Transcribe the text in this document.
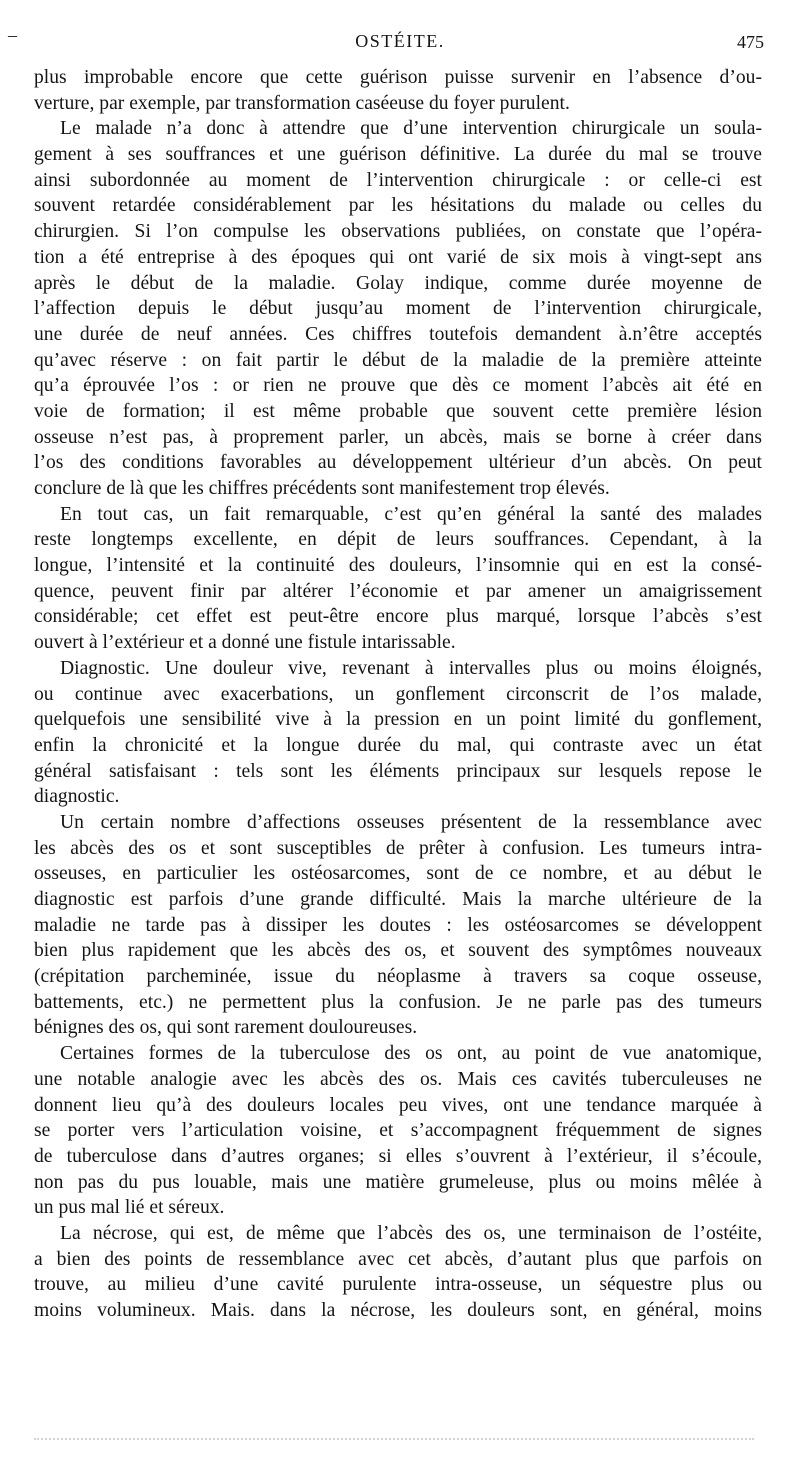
–	OSTÉITE.	475
plus improbable encore que cette guérison puisse survenir en l’absence d’ou-
verture, par exemple, par transformation caséeuse du foyer purulent.
Le malade n’a donc à attendre que d’une intervention chirurgicale un soula-
gement à ses souffrances et une guérison définitive. La durée du mal se trouve
ainsi subordonnée au moment de l’intervention chirurgicale : or celle-ci est
souvent retardée considérablement par les hésitations du malade ou celles du
chirurgien. Si l’on compulse les observations publiées, on constate que l’opéra-
tion a été entreprise à des époques qui ont varié de six mois à vingt-sept ans
après le début de la maladie. Golay indique, comme durée moyenne de
l’affection depuis le début jusqu’au moment de l’intervention chirurgicale,
une durée de neuf années. Ces chiffres toutefois demandent à.n’être acceptés
qu’avec réserve : on fait partir le début de la maladie de la première atteinte
qu’a éprouvée l’os : or rien ne prouve que dès ce moment l’abcès ait été en
voie de formation; il est même probable que souvent cette première lésion
osseuse n’est pas, à proprement parler, un abcès, mais se borne à créer dans
l’os des conditions favorables au développement ultérieur d’un abcès. On peut
conclure de là que les chiffres précédents sont manifestement trop élevés.
En tout cas, un fait remarquable, c’est qu’en général la santé des malades
reste longtemps excellente, en dépit de leurs souffrances. Cependant, à la
longue, l’intensité et la continuité des douleurs, l’insomnie qui en est la consé-
quence, peuvent finir par altérer l’économie et par amener un amaigrissement
considérable; cet effet est peut-être encore plus marqué, lorsque l’abcès s’est
ouvert à l’extérieur et a donné une fistule intarissable.
Diagnostic. Une douleur vive, revenant à intervalles plus ou moins éloignés,
ou continue avec exacerbations, un gonflement circonscrit de l’os malade,
quelquefois une sensibilité vive à la pression en un point limité du gonflement,
enfin la chronicité et la longue durée du mal, qui contraste avec un état
général satisfaisant : tels sont les éléments principaux sur lesquels repose le
diagnostic.
Un certain nombre d’affections osseuses présentent de la ressemblance avec
les abcès des os et sont susceptibles de prêter à confusion. Les tumeurs intra-
osseuses, en particulier les ostéosarcomes, sont de ce nombre, et au début le
diagnostic est parfois d’une grande difficulté. Mais la marche ultérieure de la
maladie ne tarde pas à dissiper les doutes : les ostéosarcomes se développent
bien plus rapidement que les abcès des os, et souvent des symptômes nouveaux
(crépitation parcheminée, issue du néoplasme à travers sa coque osseuse,
battements, etc.) ne permettent plus la confusion. Je ne parle pas des tumeurs
bénignes des os, qui sont rarement douloureuses.
Certaines formes de la tuberculose des os ont, au point de vue anatomique,
une notable analogie avec les abcès des os. Mais ces cavités tuberculeuses ne
donnent lieu qu’à des douleurs locales peu vives, ont une tendance marquée à
se porter vers l’articulation voisine, et s’accompagnent fréquemment de signes
de tuberculose dans d’autres organes; si elles s’ouvrent à l’extérieur, il s’écoule,
non pas du pus louable, mais une matière grumeleuse, plus ou moins mêlée à
un pus mal lié et séreux.
La nécrose, qui est, de même que l’abcès des os, une terminaison de l’ostéite,
a bien des points de ressemblance avec cet abcès, d’autant plus que parfois on
trouve, au milieu d’une cavité purulente intra-osseuse, un séquestre plus ou
moins volumineux. Mais. dans la nécrose, les douleurs sont, en général, moins
